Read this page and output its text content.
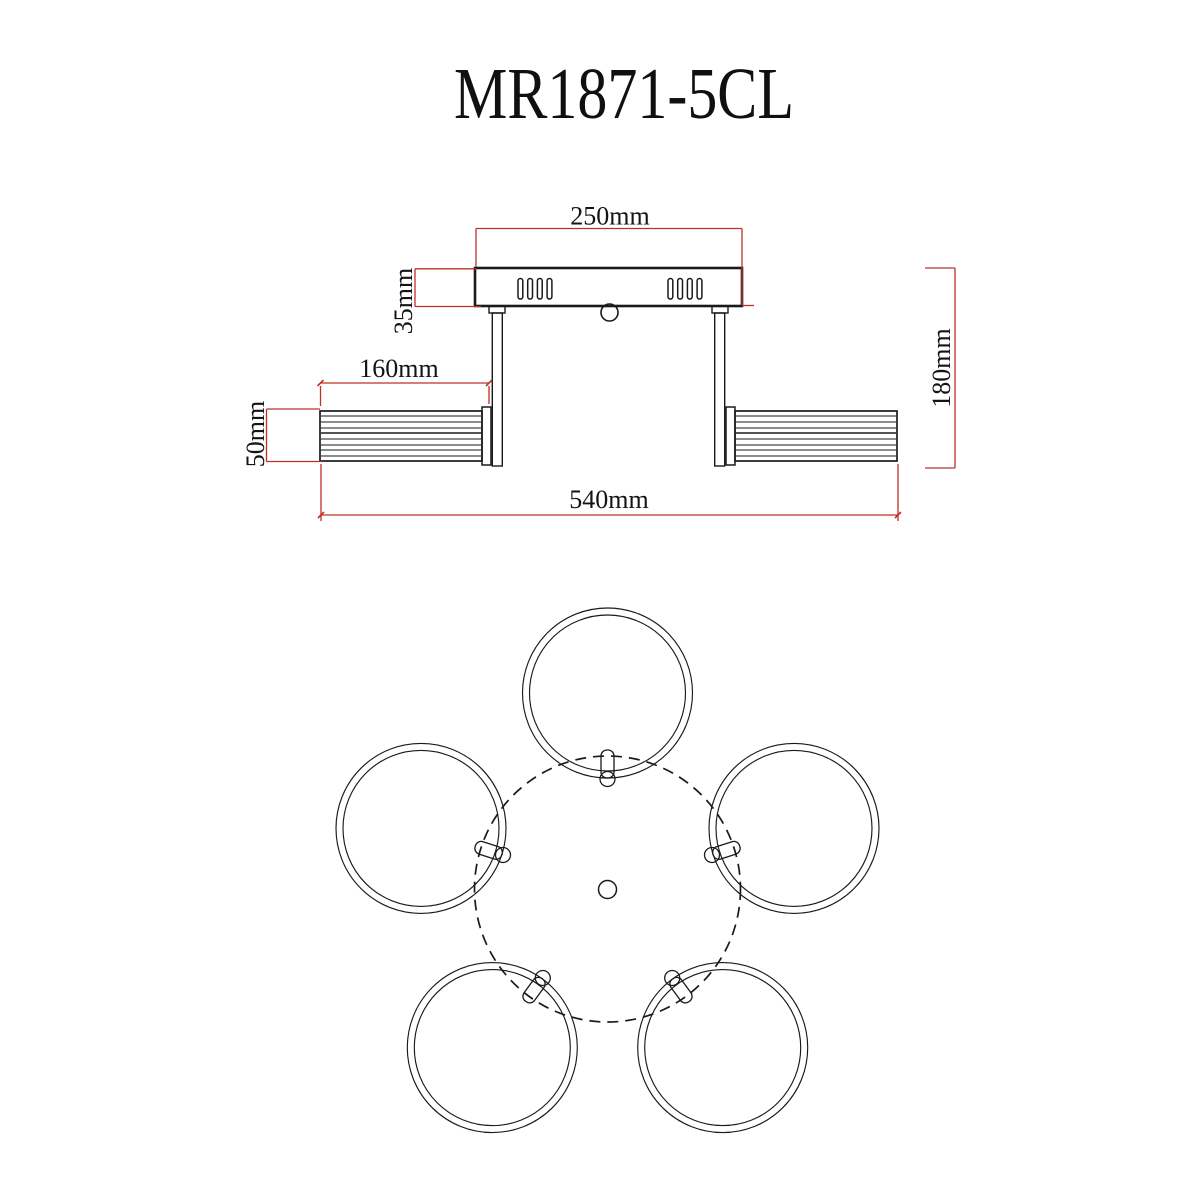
MR1871-5CL
250mm
35mm
160mm
50mm
540mm
180mm
